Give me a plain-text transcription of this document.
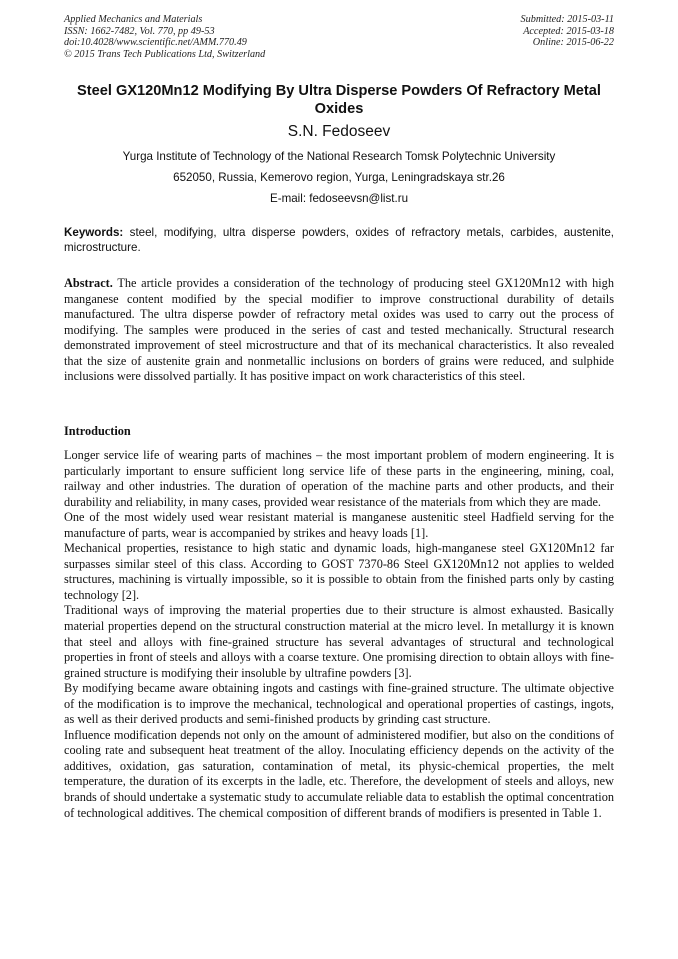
Applied Mechanics and Materials
ISSN: 1662-7482, Vol. 770, pp 49-53
doi:10.4028/www.scientific.net/AMM.770.49
© 2015 Trans Tech Publications Ltd, Switzerland
Submitted: 2015-03-11
Accepted: 2015-03-18
Online: 2015-06-22
Steel GX120Mn12 Modifying By Ultra Disperse Powders Of Refractory Metal Oxides
S.N. Fedoseev
Yurga Institute of Technology of the National Research Tomsk Polytechnic University
652050, Russia, Kemerovo region, Yurga, Leningradskaya str.26
E-mail: fedoseevsn@list.ru
Keywords: steel, modifying, ultra disperse powders, oxides of refractory metals, carbides, austenite, microstructure.
Abstract. The article provides a consideration of the technology of producing steel GX120Mn12 with high manganese content modified by the special modifier to improve constructional durability of details manufactured. The ultra disperse powder of refractory metal oxides was used to carry out the process of modifying. The samples were produced in the series of cast and tested mechanically. Structural research demonstrated improvement of steel microstructure and that of its mechanical characteristics. It also revealed that the size of austenite grain and nonmetallic inclusions on borders of grains were reduced, and sulphide inclusions were dissolved partially. It has positive impact on work characteristics of this steel.
Introduction

Longer service life of wearing parts of machines – the most important problem of modern engineering. It is particularly important to ensure sufficient long service life of these parts in the engineering, mining, coal, railway and other industries. The duration of operation of the machine parts and other products, and their durability and reliability, in many cases, provided wear resistance of the materials from which they are made.

One of the most widely used wear resistant material is manganese austenitic steel Hadfield serving for the manufacture of parts, wear is accompanied by strikes and heavy loads [1].

Mechanical properties, resistance to high static and dynamic loads, high-manganese steel GX120Mn12 far surpasses similar steel of this class. According to GOST 7370-86 Steel GX120Mn12 not applies to welded structures, machining is virtually impossible, so it is possible to obtain from the finished parts only by casting technology [2].

Traditional ways of improving the material properties due to their structure is almost exhausted. Basically material properties depend on the structural construction material at the micro level. In metallurgy it is known that steel and alloys with fine-grained structure has several advantages of structural and technological properties in front of steels and alloys with a coarse texture. One promising direction to obtain alloys with fine-grained structure is modifying their insoluble by ultrafine powders [3].

By modifying became aware obtaining ingots and castings with fine-grained structure. The ultimate objective of the modification is to improve the mechanical, technological and operational properties of castings, ingots, as well as their derived products and semi-finished products by grinding cast structure.

Influence modification depends not only on the amount of administered modifier, but also on the conditions of cooling rate and subsequent heat treatment of the alloy. Inoculating efficiency depends on the activity of the additives, oxidation, gas saturation, contamination of metal, its physic-chemical properties, the melt temperature, the duration of its excerpts in the ladle, etc. Therefore, the development of steels and alloys, new brands of should undertake a systematic study to accumulate reliable data to establish the optimal concentration of technological additives. The chemical composition of different brands of modifiers is presented in Table 1.
